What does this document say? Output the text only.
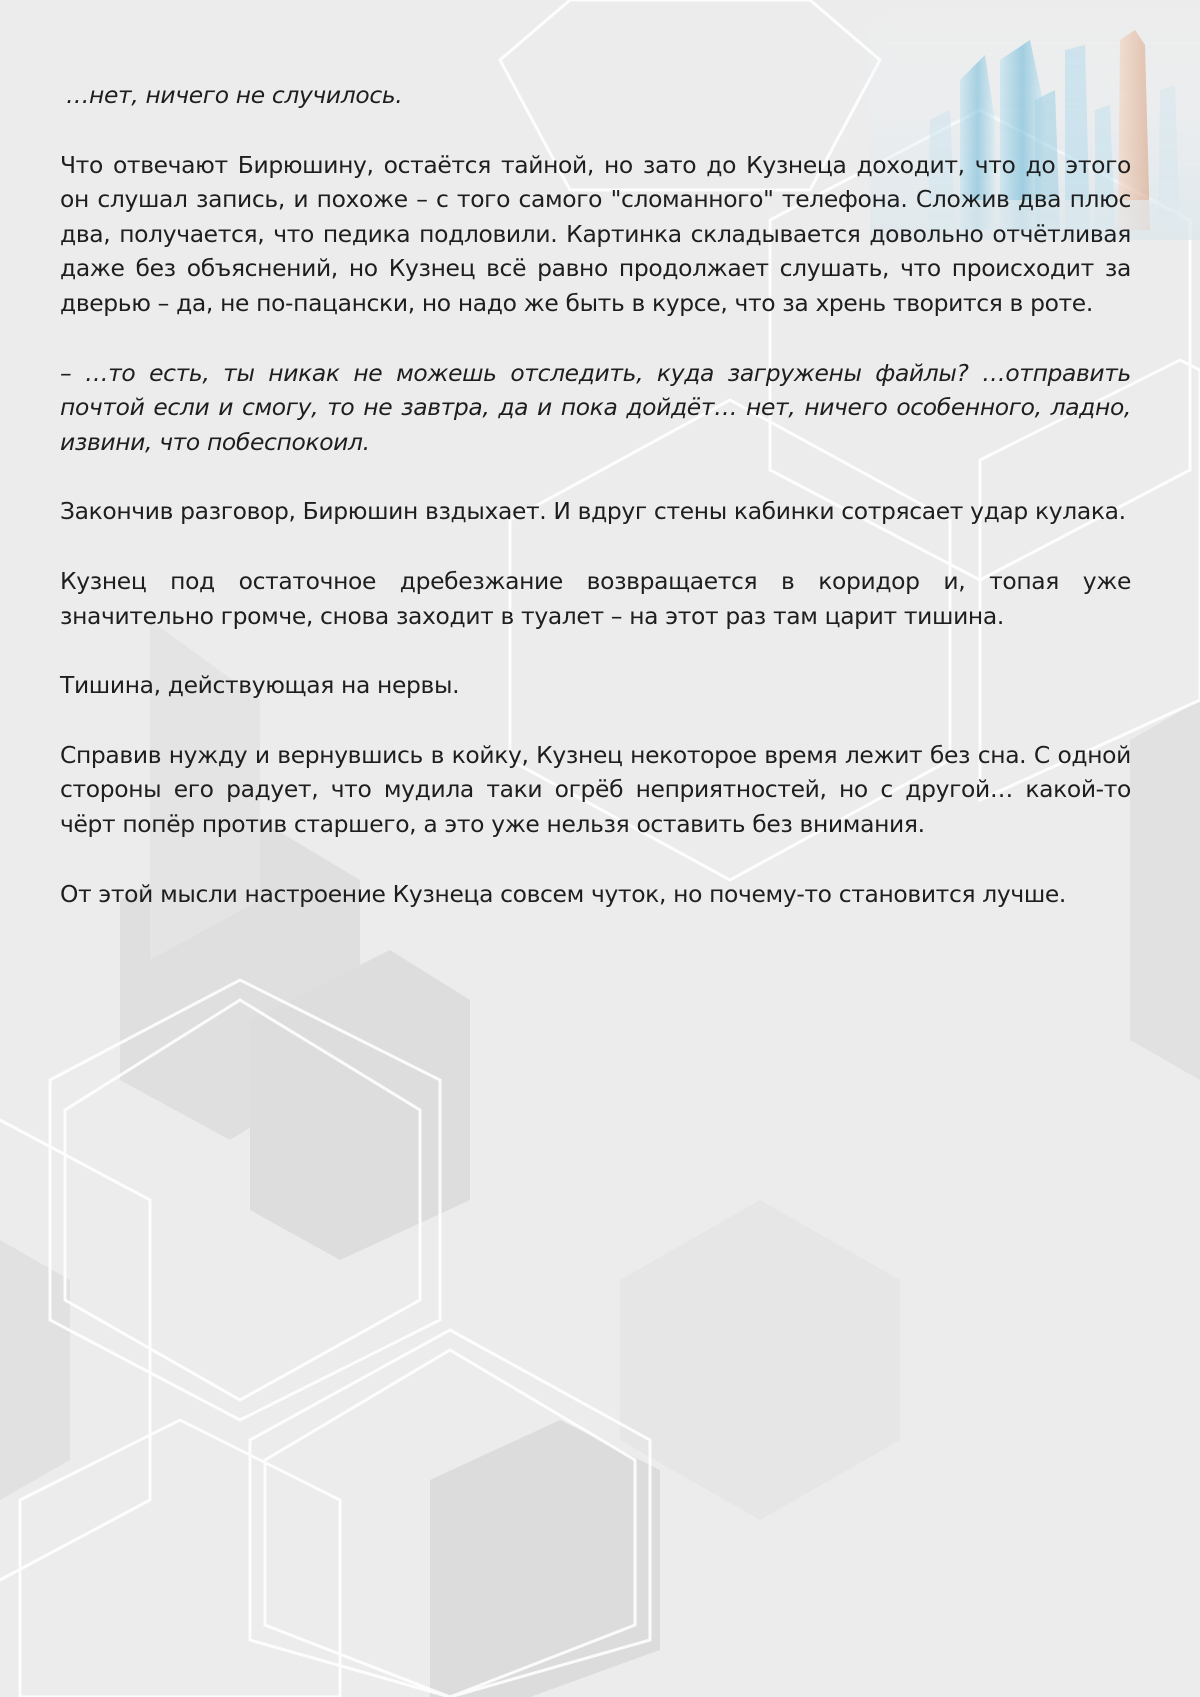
…нет, ничего не случилось.

Что отвечают Бирюшину, остаётся тайной, но зато до Кузнеца доходит, что до этого он слушал запись, и похоже – с того самого "сломанного" телефона. Сложив два плюс два, получается, что педика подловили. Картинка складывается довольно отчётливая даже без объяснений, но Кузнец всё равно продолжает слушать, что происходит за дверью – да, не по-пацански, но надо же быть в курсе, что за хрень творится в роте.

– …то есть, ты никак не можешь отследить, куда загружены файлы? …отправить почтой если и смогу, то не завтра, да и пока дойдёт… нет, ничего особенного, ладно, извини, что побеспокоил.

Закончив разговор, Бирюшин вздыхает. И вдруг стены кабинки сотрясает удар кулака.

Кузнец под остаточное дребезжание возвращается в коридор и, топая уже значительно громче, снова заходит в туалет – на этот раз там царит тишина.

Тишина, действующая на нервы.

Справив нужду и вернувшись в койку, Кузнец некоторое время лежит без сна. С одной стороны его радует, что мудила таки огрёб неприятностей, но с другой… какой-то чёрт попёр против старшего, а это уже нельзя оставить без внимания.

От этой мысли настроение Кузнеца совсем чуток, но почему-то становится лучше.
